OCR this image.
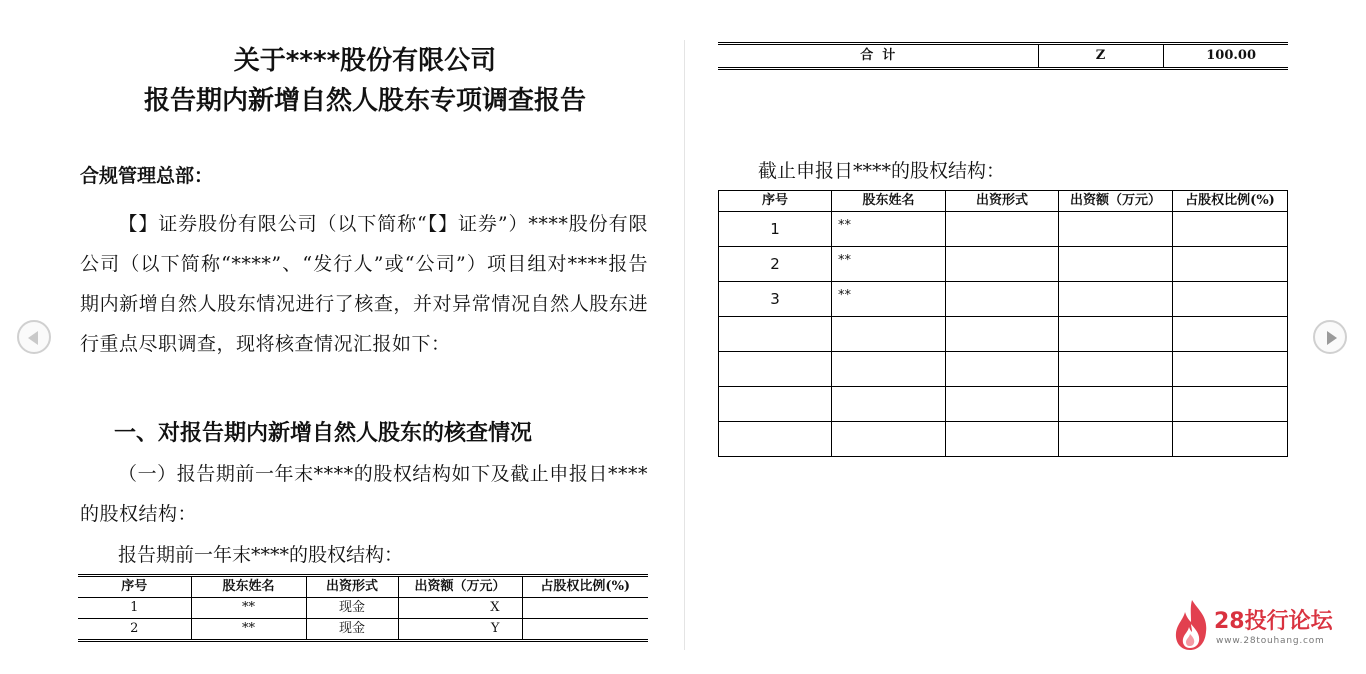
关于****股份有限公司
报告期内新增自然人股东专项调查报告
合规管理总部：
【】证券股份有限公司（以下简称“【】证券”）****股份有限公司（以下简称“****”、“发行人”或“公司”）项目组对****报告期内新增自然人股东情况进行了核查，并对异常情况自然人股东进行重点尽职调查，现将核查情况汇报如下：
一、对报告期内新增自然人股东的核查情况
（一）报告期前一年末****的股权结构如下及截止申报日****的股权结构：
报告期前一年末****的股权结构：
序号	股东姓名	出资形式	出资额（万元）	占股权比例(%)
1	**	现金	X	
2	**	现金	Y	
合  计	Z	100.00
截止申报日****的股权结构：
序号	股东姓名	出资形式	出资额（万元）	占股权比例(%)
1	**			
2	**			
3	**			

28投行论坛
www.28touhang.com
